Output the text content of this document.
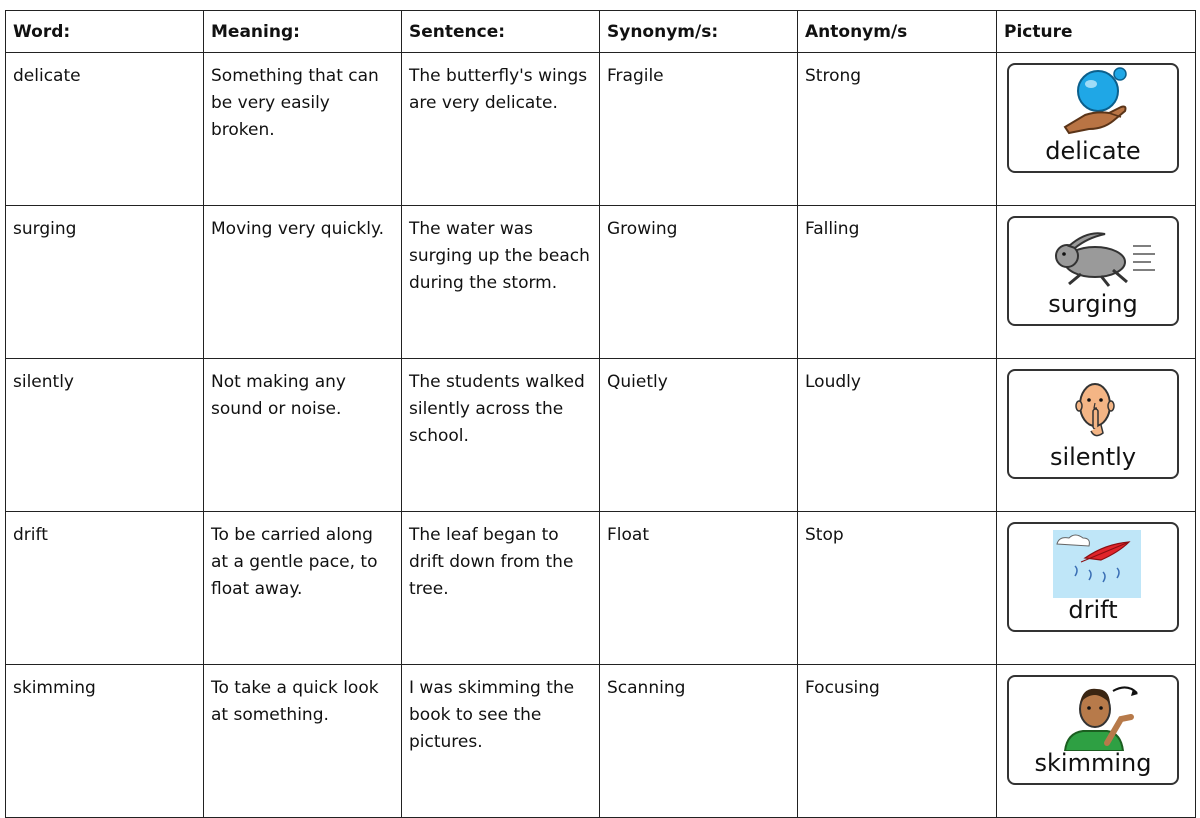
Word:	Meaning:	Sentence:	Synonym/s:	Antonym/s	Picture
delicate	Something that can be very easily broken.	The butterfly's wings are very delicate.	Fragile	Strong	delicate

surging	Moving very quickly.	The water was surging up the beach during the storm.	Growing	Falling	surging

silently	Not making any sound or noise.	The students walked silently across the school.	Quietly	Loudly	silently

drift	To be carried along at a gentle pace, to float away.	The leaf began to drift down from the tree.	Float	Stop	drift

skimming	To take a quick look at something.	I was skimming the book to see the pictures.	Scanning	Focusing	skimming
